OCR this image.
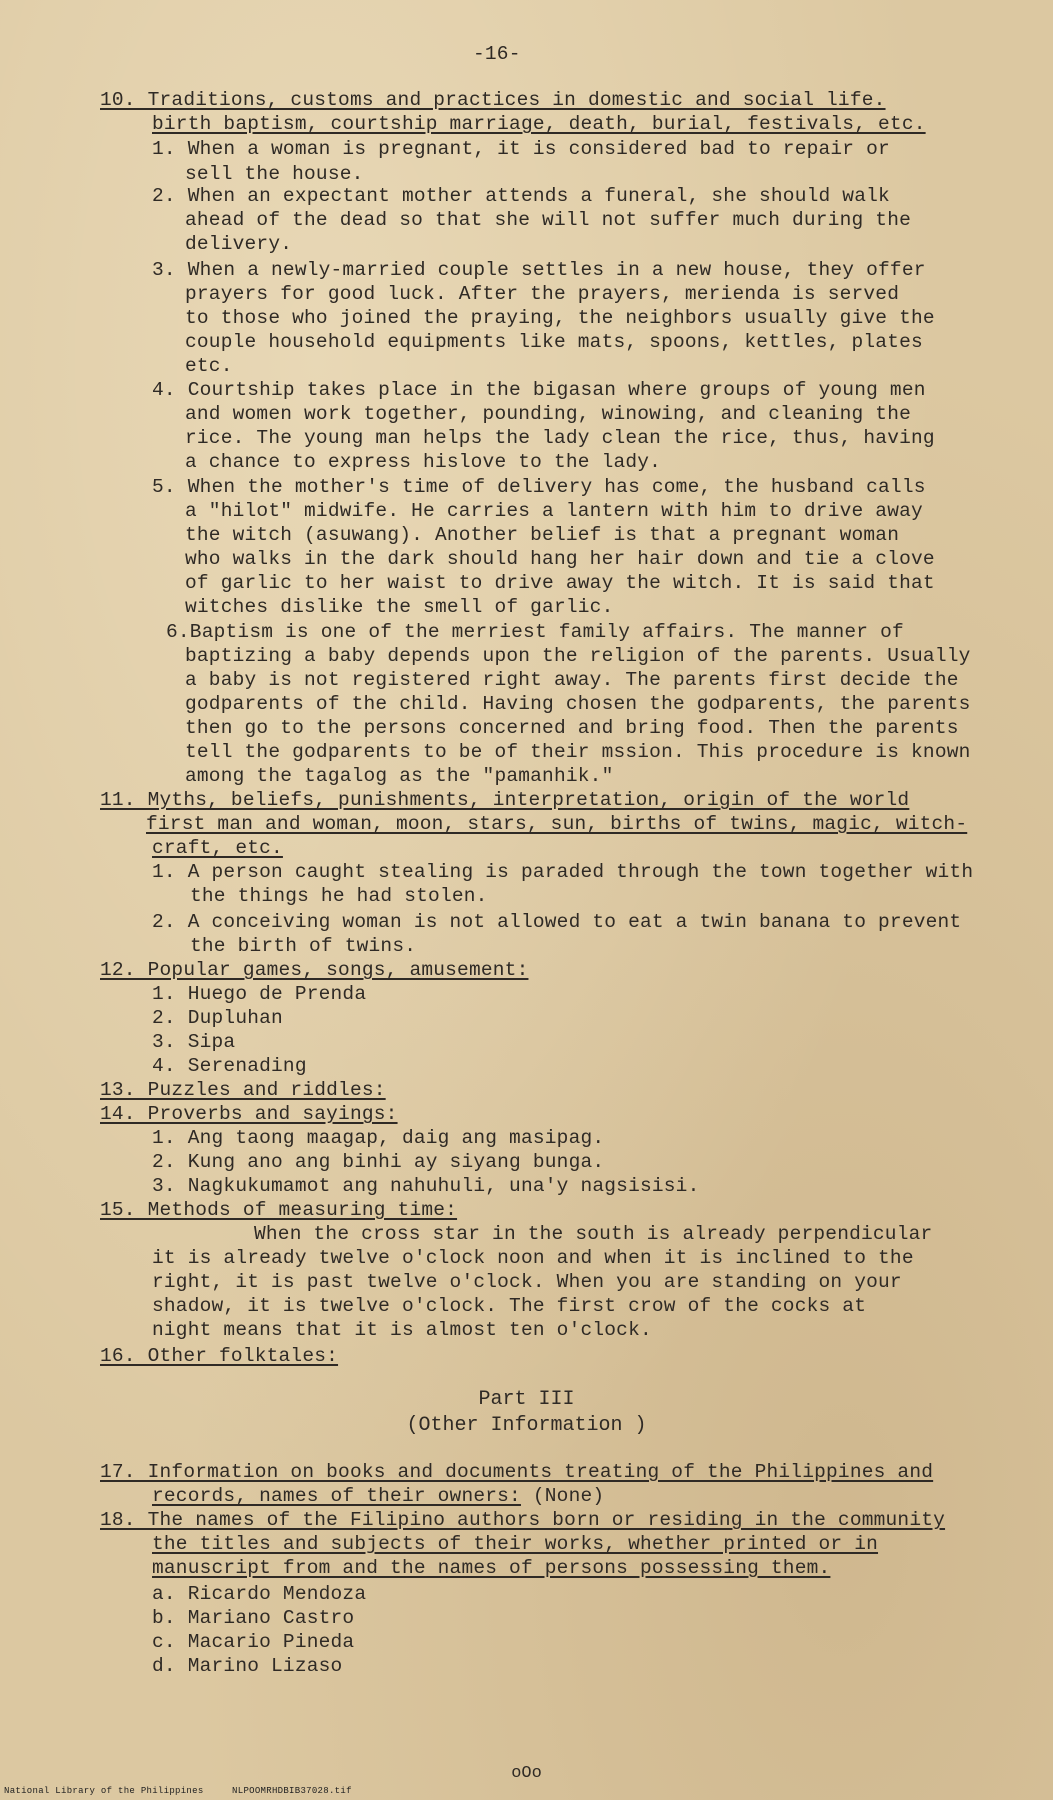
-16-
10. Traditions, customs and practices in domestic and social life.
birth baptism, courtship marriage, death, burial, festivals, etc.
1. When a woman is pregnant, it is considered bad to repair or
sell the house.
2. When an expectant mother attends a funeral, she should walk
ahead of the dead so that she will not suffer much during the
delivery.
3. When a newly-married couple settles in a new house, they offer
prayers for good luck. After the prayers, merienda is served
to those who joined the praying, the neighbors usually give the
couple household equipments like mats, spoons, kettles, plates
etc.
4. Courtship takes place in the bigasan where groups of young men
and women work together, pounding, winowing, and cleaning the
rice. The young man helps the lady clean the rice, thus, having
a chance to express hislove to the lady.
5. When the mother's time of delivery has come, the husband calls
a "hilot" midwife. He carries a lantern with him to drive away
the witch (asuwang). Another belief is that a pregnant woman
who walks in the dark should hang her hair down and tie a clove
of garlic to her waist to drive away the witch. It is said that
witches dislike the smell of garlic.
6.Baptism is one of the merriest family affairs. The manner of
baptizing a baby depends upon the religion of the parents. Usually
a baby is not registered right away. The parents first decide the
godparents of the child. Having chosen the godparents, the parents
then go to the persons concerned and bring food. Then the parents
tell the godparents to be of their mssion. This procedure is known
among the tagalog as the "pamanhik."
11. Myths, beliefs, punishments, interpretation, origin of the world
first man and woman, moon, stars, sun, births of twins, magic, witch-
craft, etc.
1. A person caught stealing is paraded through the town together with
the things he had stolen.
2. A conceiving woman is not allowed to eat a twin banana to prevent
the birth of twins.
12. Popular games, songs, amusement:
1. Huego de Prenda
2. Dupluhan
3. Sipa
4. Serenading
13. Puzzles and riddles:
14. Proverbs and sayings:
1. Ang taong maagap, daig ang masipag.
2. Kung ano ang binhi ay siyang bunga.
3. Nagkukumamot ang nahuhuli, una'y nagsisisi.
15. Methods of measuring time:
When the cross star in the south is already perpendicular
it is already twelve o'clock noon and when it is inclined to the
right, it is past twelve o'clock. When you are standing on your
shadow, it is twelve o'clock. The first crow of the cocks at
night means that it is almost ten o'clock.
16. Other folktales:
Part III
(Other Information )
17. Information on books and documents treating of the Philippines and
records, names of their owners: (None)
18. The names of the Filipino authors born or residing in the community
the titles and subjects of their works, whether printed or in
manuscript from and the names of persons possessing them.
a. Ricardo Mendoza
b. Mariano Castro
c. Macario Pineda
d. Marino Lizaso
oOo
National Library of the Philippines	NLPOOMRHDBIB37028.tif
